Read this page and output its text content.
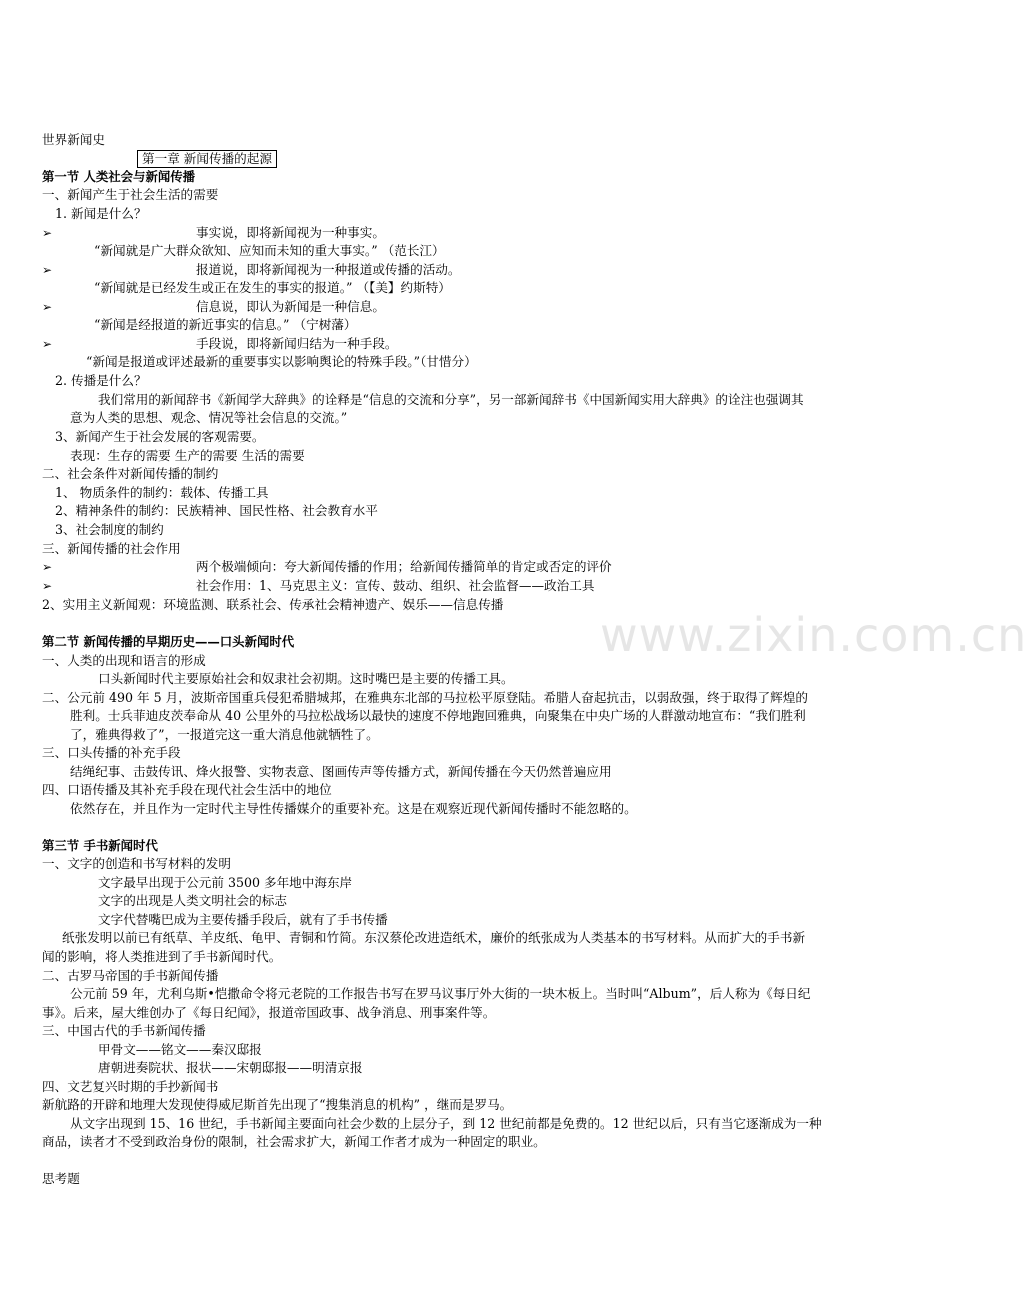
www.zixin.com.cn
世界新闻史
第一章 新闻传播的起源
第一节 人类社会与新闻传播
一、新闻产生于社会生活的需要
1. 新闻是什么？
➢	事实说，即将新闻视为一种事实。
“新闻就是广大群众欲知、应知而未知的重大事实。” （范长江）
➢	报道说，即将新闻视为一种报道或传播的活动。
“新闻就是已经发生或正在发生的事实的报道。” （【美】约斯特）
➢	信息说，即认为新闻是一种信息。
“新闻是经报道的新近事实的信息。” （宁树藩）
➢	手段说，即将新闻归结为一种手段。
“新闻是报道或评述最新的重要事实以影响舆论的特殊手段。”（甘惜分）
2. 传播是什么？
我们常用的新闻辞书《新闻学大辞典》的诠释是“信息的交流和分享”，另一部新闻辞书《中国新闻实用大辞典》的诠注也强调其
意为人类的思想、观念、情况等社会信息的交流。”
3、新闻产生于社会发展的客观需要。
表现：生存的需要 生产的需要 生活的需要
二、社会条件对新闻传播的制约
1、 物质条件的制约：载体、传播工具
2、精神条件的制约：民族精神、国民性格、社会教育水平
3、社会制度的制约
三、新闻传播的社会作用
➢	两个极端倾向：夸大新闻传播的作用；给新闻传播简单的肯定或否定的评价
➢	社会作用：1、马克思主义：宣传、鼓动、组织、社会监督——政治工具
2、实用主义新闻观：环境监测、联系社会、传承社会精神遗产、娱乐——信息传播
第二节 新闻传播的早期历史——口头新闻时代
一、人类的出现和语言的形成
口头新闻时代主要原始社会和奴隶社会初期。这时嘴巴是主要的传播工具。
二、公元前 490 年 5 月，波斯帝国重兵侵犯希腊城邦，在雅典东北部的马拉松平原登陆。希腊人奋起抗击，以弱敌强，终于取得了辉煌的
胜利。士兵菲迪皮茨奉命从 40 公里外的马拉松战场以最快的速度不停地跑回雅典，向聚集在中央广场的人群激动地宣布：“我们胜利
了，雅典得救了”，一报道完这一重大消息他就牺牲了。
三、口头传播的补充手段
结绳纪事、击鼓传讯、烽火报警、实物表意、图画传声等传播方式，新闻传播在今天仍然普遍应用
四、口语传播及其补充手段在现代社会生活中的地位
依然存在，并且作为一定时代主导性传播媒介的重要补充。这是在观察近现代新闻传播时不能忽略的。
第三节 手书新闻时代
一、文字的创造和书写材料的发明
文字最早出现于公元前 3500 多年地中海东岸
文字的出现是人类文明社会的标志
文字代替嘴巴成为主要传播手段后，就有了手书传播
纸张发明以前已有纸草、羊皮纸、龟甲、青铜和竹简。东汉蔡伦改进造纸术，廉价的纸张成为人类基本的书写材料。从而扩大的手书新
闻的影响，将人类推进到了手书新闻时代。
二、古罗马帝国的手书新闻传播
公元前 59 年，尤利乌斯•恺撒命令将元老院的工作报告书写在罗马议事厅外大街的一块木板上。当时叫“Album”，后人称为《每日纪
事》。后来，屋大维创办了《每日纪闻》，报道帝国政事、战争消息、刑事案件等。
三、中国古代的手书新闻传播
甲骨文——铭文——秦汉邸报
唐朝进奏院状、报状——宋朝邸报——明清京报
四、文艺复兴时期的手抄新闻书
新航路的开辟和地理大发现使得威尼斯首先出现了“搜集消息的机构” ，继而是罗马。
从文字出现到 15、16 世纪，手书新闻主要面向社会少数的上层分子，到 12 世纪前都是免费的。12 世纪以后，只有当它逐渐成为一种
商品，读者才不受到政治身份的限制，社会需求扩大，新闻工作者才成为一种固定的职业。
思考题
